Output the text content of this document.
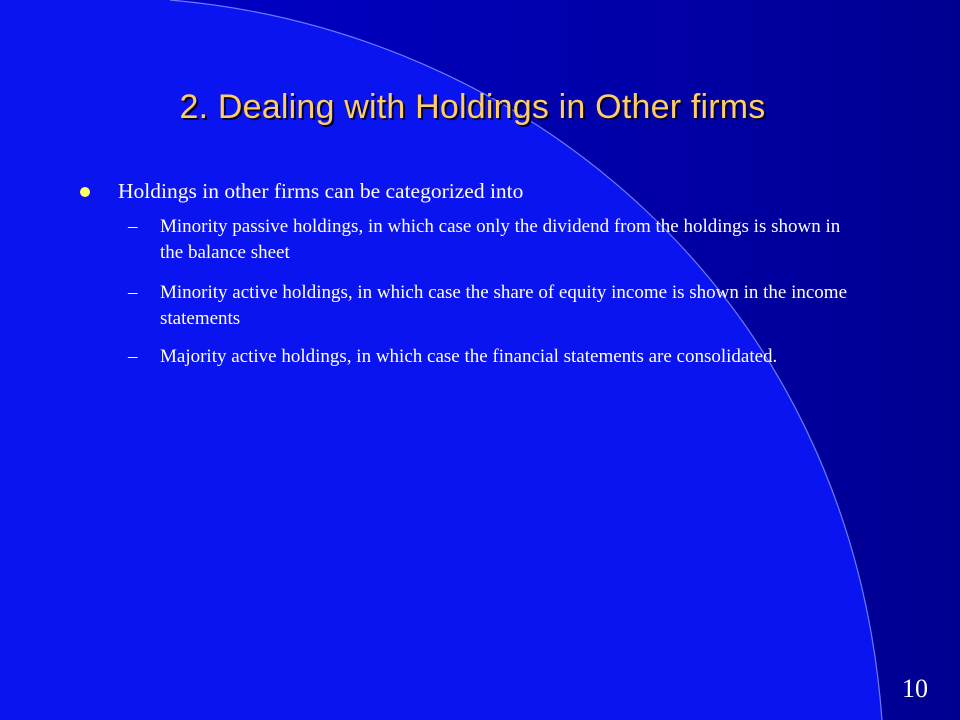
2. Dealing with Holdings in Other firms
Holdings in other firms can be categorized into
– Minority passive holdings, in which case only the dividend from the holdings is shown in the balance sheet
– Minority active holdings, in which case the share of equity income is shown in the income statements
– Majority active holdings, in which case the financial statements are consolidated.
10
